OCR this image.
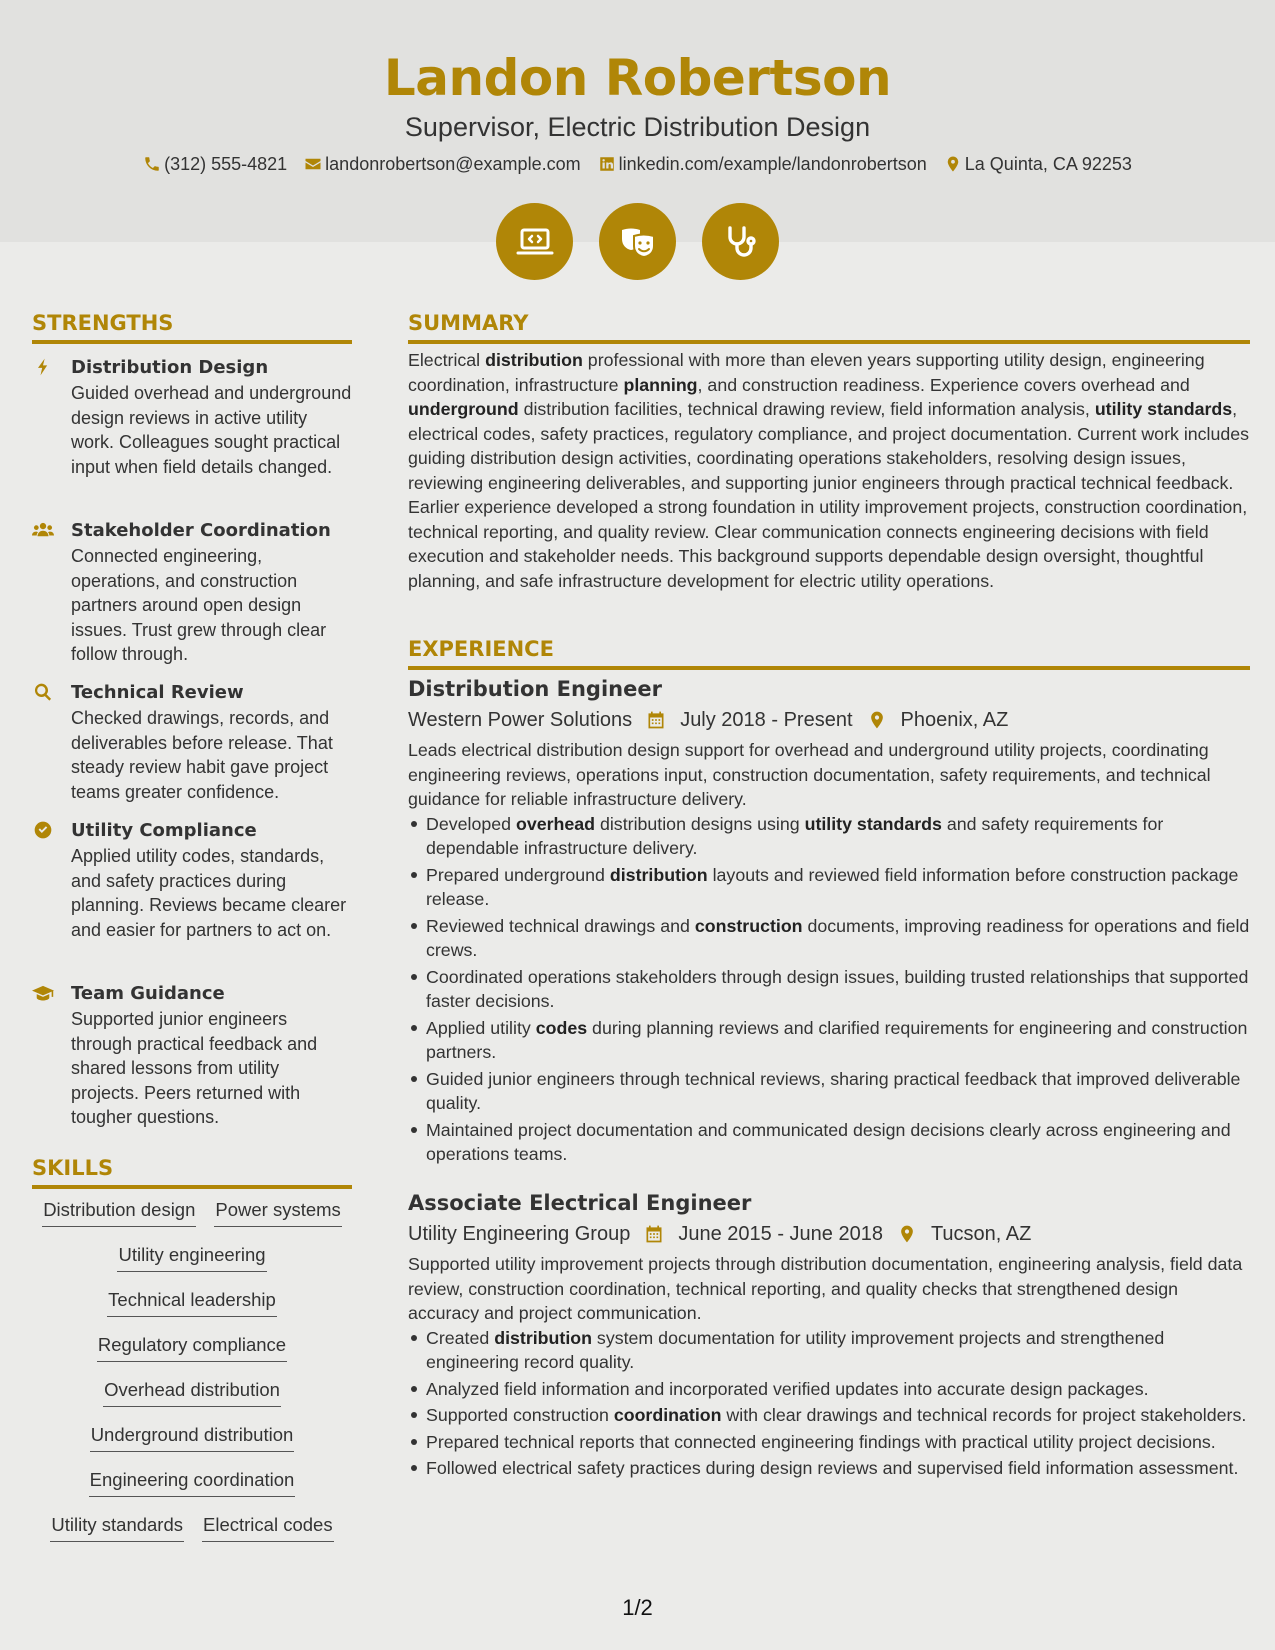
Landon Robertson
Supervisor, Electric Distribution Design
(312) 555-4821 landonrobertson@example.com linkedin.com/example/landonrobertson La Quinta, CA 92253
STRENGTHS
Distribution Design
Guided overhead and underground design reviews in active utility work. Colleagues sought practical input when field details changed.
Stakeholder Coordination
Connected engineering, operations, and construction partners around open design issues. Trust grew through clear follow through.
Technical Review
Checked drawings, records, and deliverables before release. That steady review habit gave project teams greater confidence.
Utility Compliance
Applied utility codes, standards, and safety practices during planning. Reviews became clearer and easier for partners to act on.
Team Guidance
Supported junior engineers through practical feedback and shared lessons from utility projects. Peers returned with tougher questions.
SKILLS
Distribution design Power systems
Utility engineering
Technical leadership
Regulatory compliance
Overhead distribution
Underground distribution
Engineering coordination
Utility standards Electrical codes
SUMMARY
Electrical distribution professional with more than eleven years supporting utility design, engineering coordination, infrastructure planning, and construction readiness. Experience covers overhead and underground distribution facilities, technical drawing review, field information analysis, utility standards, electrical codes, safety practices, regulatory compliance, and project documentation. Current work includes guiding distribution design activities, coordinating operations stakeholders, resolving design issues, reviewing engineering deliverables, and supporting junior engineers through practical technical feedback. Earlier experience developed a strong foundation in utility improvement projects, construction coordination, technical reporting, and quality review. Clear communication connects engineering decisions with field execution and stakeholder needs. This background supports dependable design oversight, thoughtful planning, and safe infrastructure development for electric utility operations.
EXPERIENCE
Distribution Engineer
Western Power Solutions July 2018 - Present Phoenix, AZ
Leads electrical distribution design support for overhead and underground utility projects, coordinating engineering reviews, operations input, construction documentation, safety requirements, and technical guidance for reliable infrastructure delivery.
Developed overhead distribution designs using utility standards and safety requirements for dependable infrastructure delivery.
Prepared underground distribution layouts and reviewed field information before construction package release.
Reviewed technical drawings and construction documents, improving readiness for operations and field crews.
Coordinated operations stakeholders through design issues, building trusted relationships that supported faster decisions.
Applied utility codes during planning reviews and clarified requirements for engineering and construction partners.
Guided junior engineers through technical reviews, sharing practical feedback that improved deliverable quality.
Maintained project documentation and communicated design decisions clearly across engineering and operations teams.
Associate Electrical Engineer
Utility Engineering Group June 2015 - June 2018 Tucson, AZ
Supported utility improvement projects through distribution documentation, engineering analysis, field data review, construction coordination, technical reporting, and quality checks that strengthened design accuracy and project communication.
Created distribution system documentation for utility improvement projects and strengthened engineering record quality.
Analyzed field information and incorporated verified updates into accurate design packages.
Supported construction coordination with clear drawings and technical records for project stakeholders.
Prepared technical reports that connected engineering findings with practical utility project decisions.
Followed electrical safety practices during design reviews and supervised field information assessment.
1/2
